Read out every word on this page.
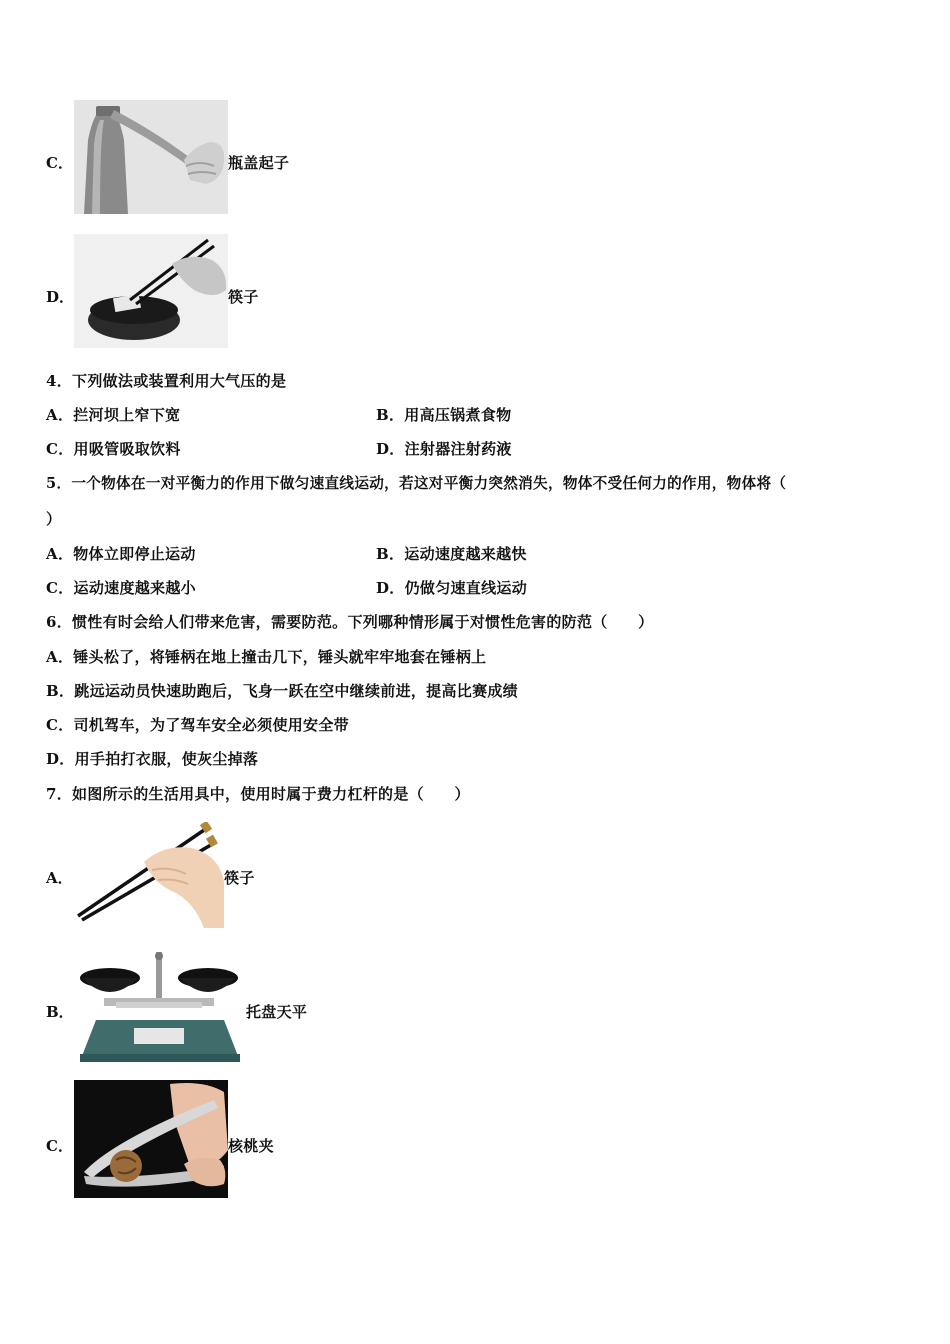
C．	瓶盖起子
D．	筷子
4．下列做法或装置利用大气压的是
A．拦河坝上窄下宽	B．用高压锅煮食物
C．用吸管吸取饮料	D．注射器注射药液
5．一个物体在一对平衡力的作用下做匀速直线运动，若这对平衡力突然消失，物体不受任何力的作用，物体将（
）
A．物体立即停止运动	B．运动速度越来越快
C．运动速度越来越小	D．仍做匀速直线运动
6．惯性有时会给人们带来危害，需要防范。下列哪种情形属于对惯性危害的防范（　　）
A．锤头松了，将锤柄在地上撞击几下，锤头就牢牢地套在锤柄上
B．跳远运动员快速助跑后，飞身一跃在空中继续前进，提高比赛成绩
C．司机驾车，为了驾车安全必须使用安全带
D．用手拍打衣服，使灰尘掉落
7．如图所示的生活用具中，使用时属于费力杠杆的是（　　）
A．	筷子
B．	托盘天平
C．	核桃夹
